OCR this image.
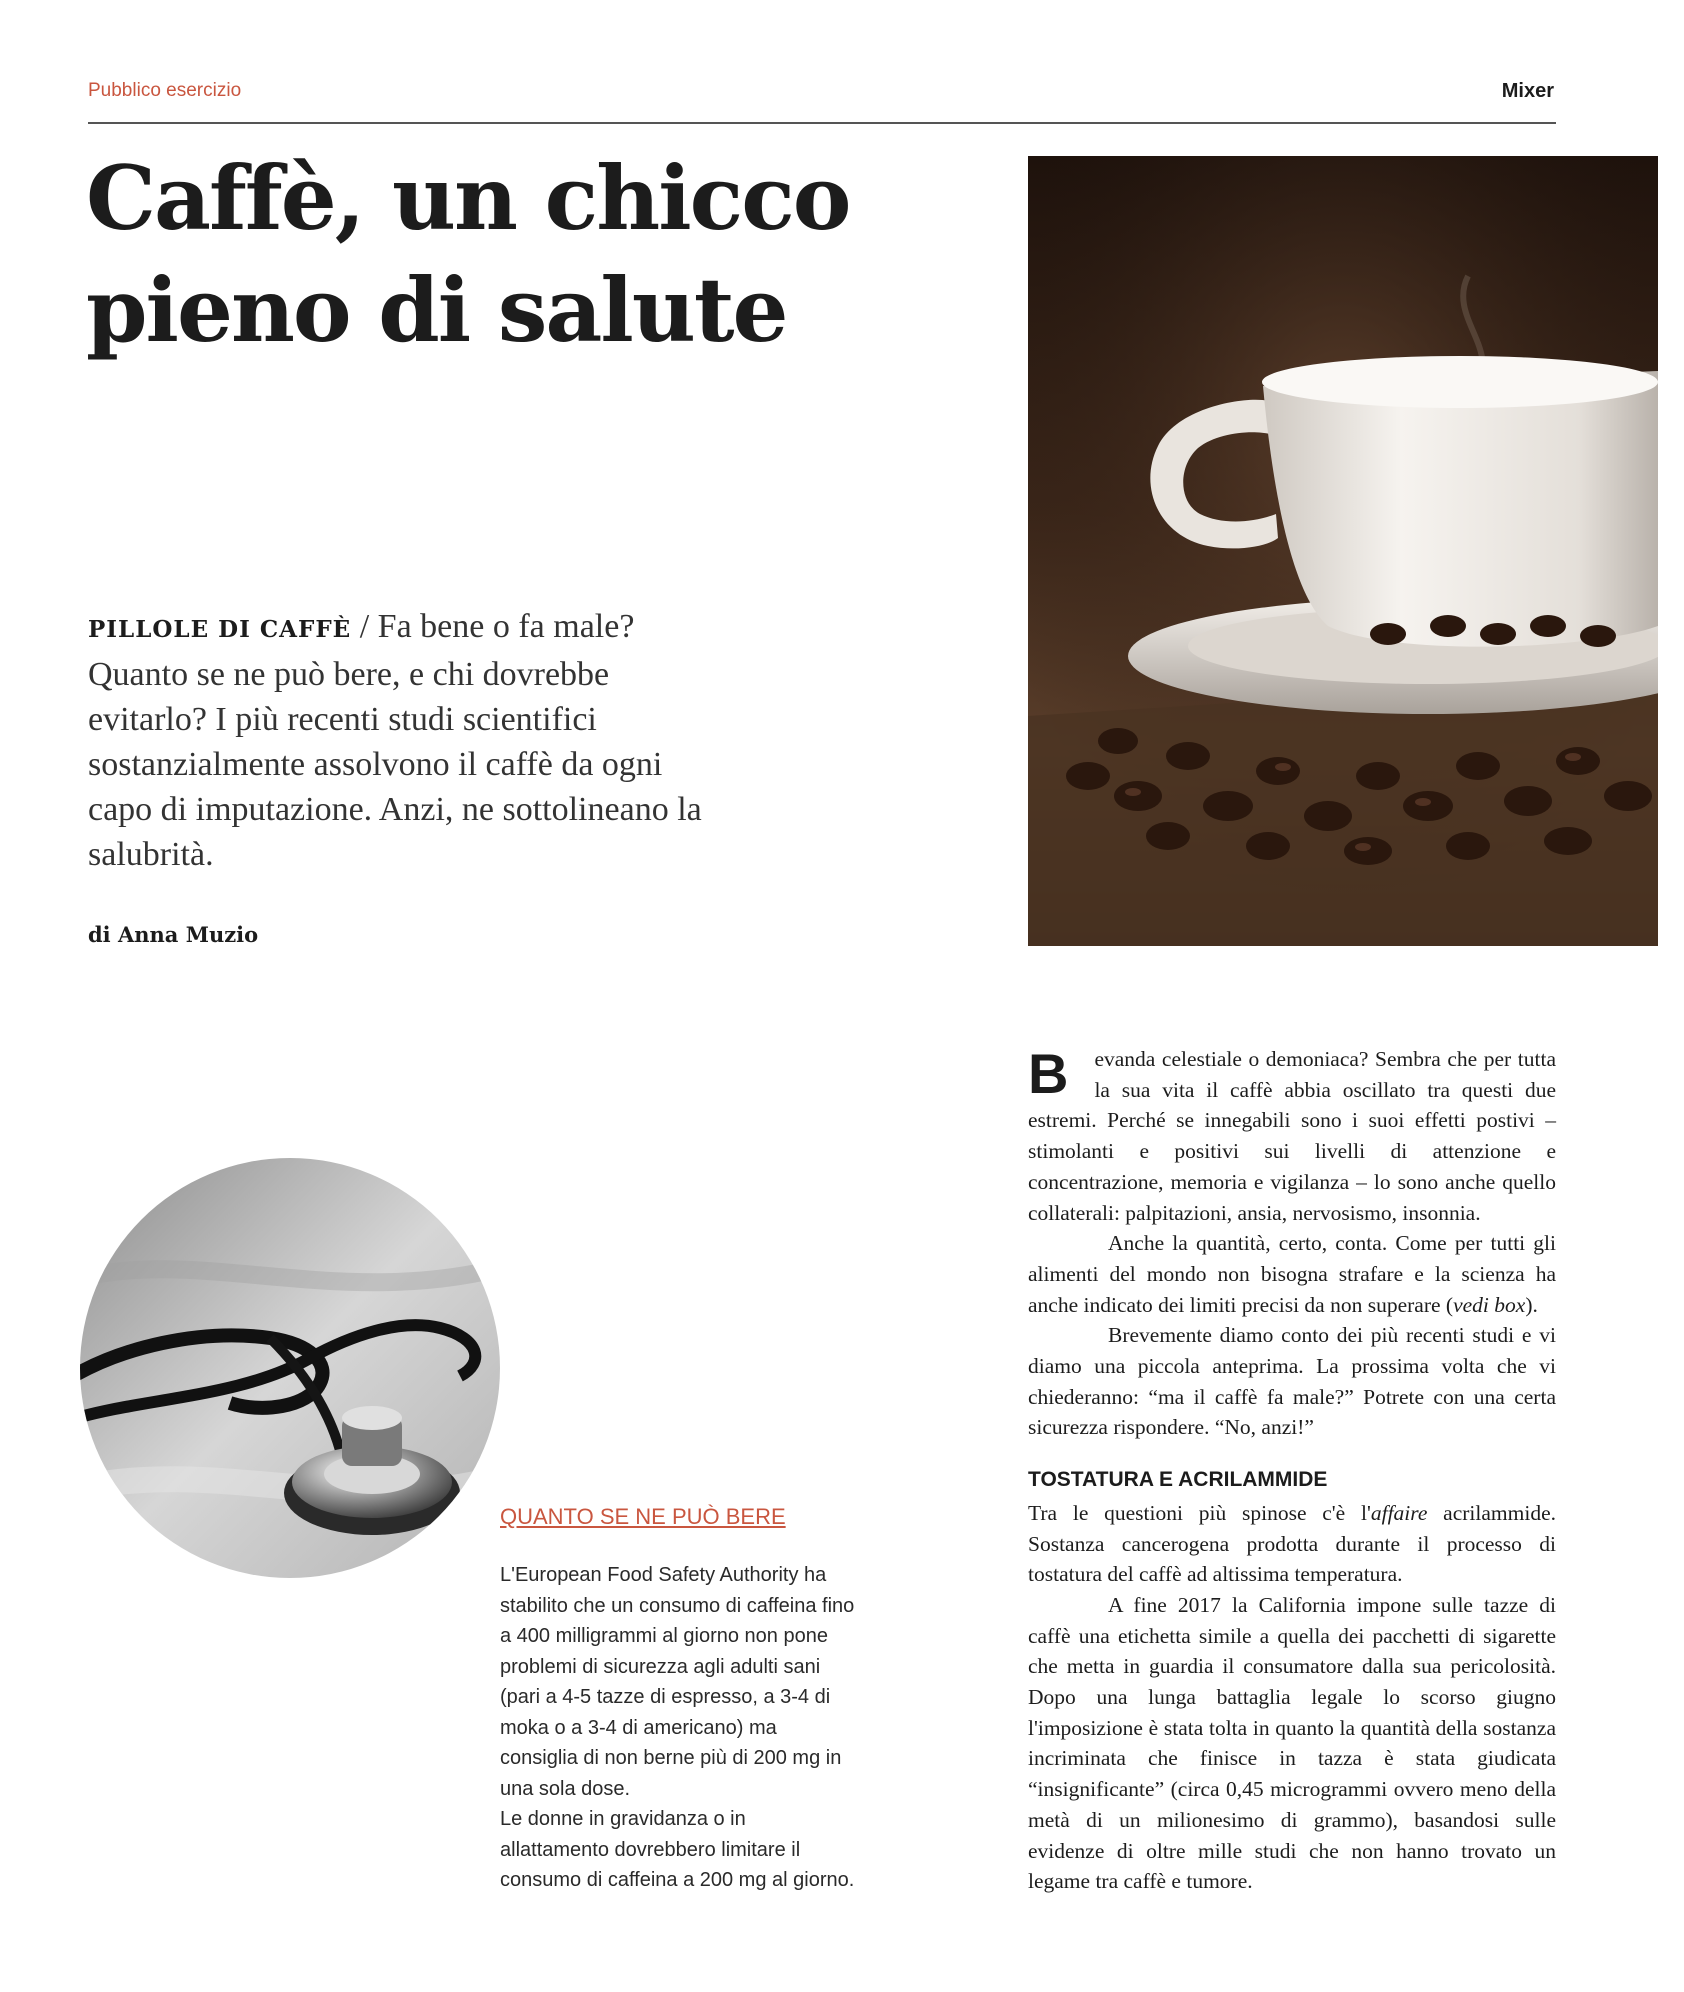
Pubblico esercizio	Mixer
Caffè, un chicco
pieno di salute

PILLOLE DI CAFFÈ / Fa bene o fa male? Quanto se ne può bere, e chi dovrebbe evitarlo? I più recenti studi scientifici sostanzialmente assolvono il caffè da ogni capo di imputazione. Anzi, ne sottolineano la salubrità.

di Anna Muzio
QUANTO SE NE PUÒ BERE

L'European Food Safety Authority ha stabilito che un consumo di caffeina fino a 400 milligrammi al giorno non pone problemi di sicurezza agli adulti sani (pari a 4-5 tazze di espresso, a 3-4 di moka o a 3-4 di americano) ma consiglia di non berne più di 200 mg in una sola dose.

Le donne in gravidanza o in allattamento dovrebbero limitare il consumo di caffeina a 200 mg al giorno.

B evanda celestiale o demoniaca? Sembra che per tutta la sua vita il caffè abbia oscillato tra questi due estremi. Perché se innegabili sono i suoi effetti postivi – stimolanti e positivi sui livelli di attenzione e concentrazione, memoria e vigilanza – lo sono anche quello collaterali: palpitazioni, ansia, nervosismo, insonnia.

Anche la quantità, certo, conta. Come per tutti gli alimenti del mondo non bisogna strafare e la scienza ha anche indicato dei limiti precisi da non superare (vedi box).

Brevemente diamo conto dei più recenti studi e vi diamo una piccola anteprima. La prossima volta che vi chiederanno: “ma il caffè fa male?” Potrete con una certa sicurezza rispondere. “No, anzi!”

TOSTATURA E ACRILAMMIDE

Tra le questioni più spinose c'è l'affaire acrilammide. Sostanza cancerogena prodotta durante il processo di tostatura del caffè ad altissima temperatura.

A fine 2017 la California impone sulle tazze di caffè una etichetta simile a quella dei pacchetti di sigarette che metta in guardia il consumatore dalla sua pericolosità. Dopo una lunga battaglia legale lo scorso giugno l'imposizione è stata tolta in quanto la quantità della sostanza incriminata che finisce in tazza è stata giudicata “insignificante” (circa 0,45 microgrammi ovvero meno della metà di un milionesimo di grammo), basandosi sulle evidenze di oltre mille studi che non hanno trovato un legame tra caffè e tumore.
